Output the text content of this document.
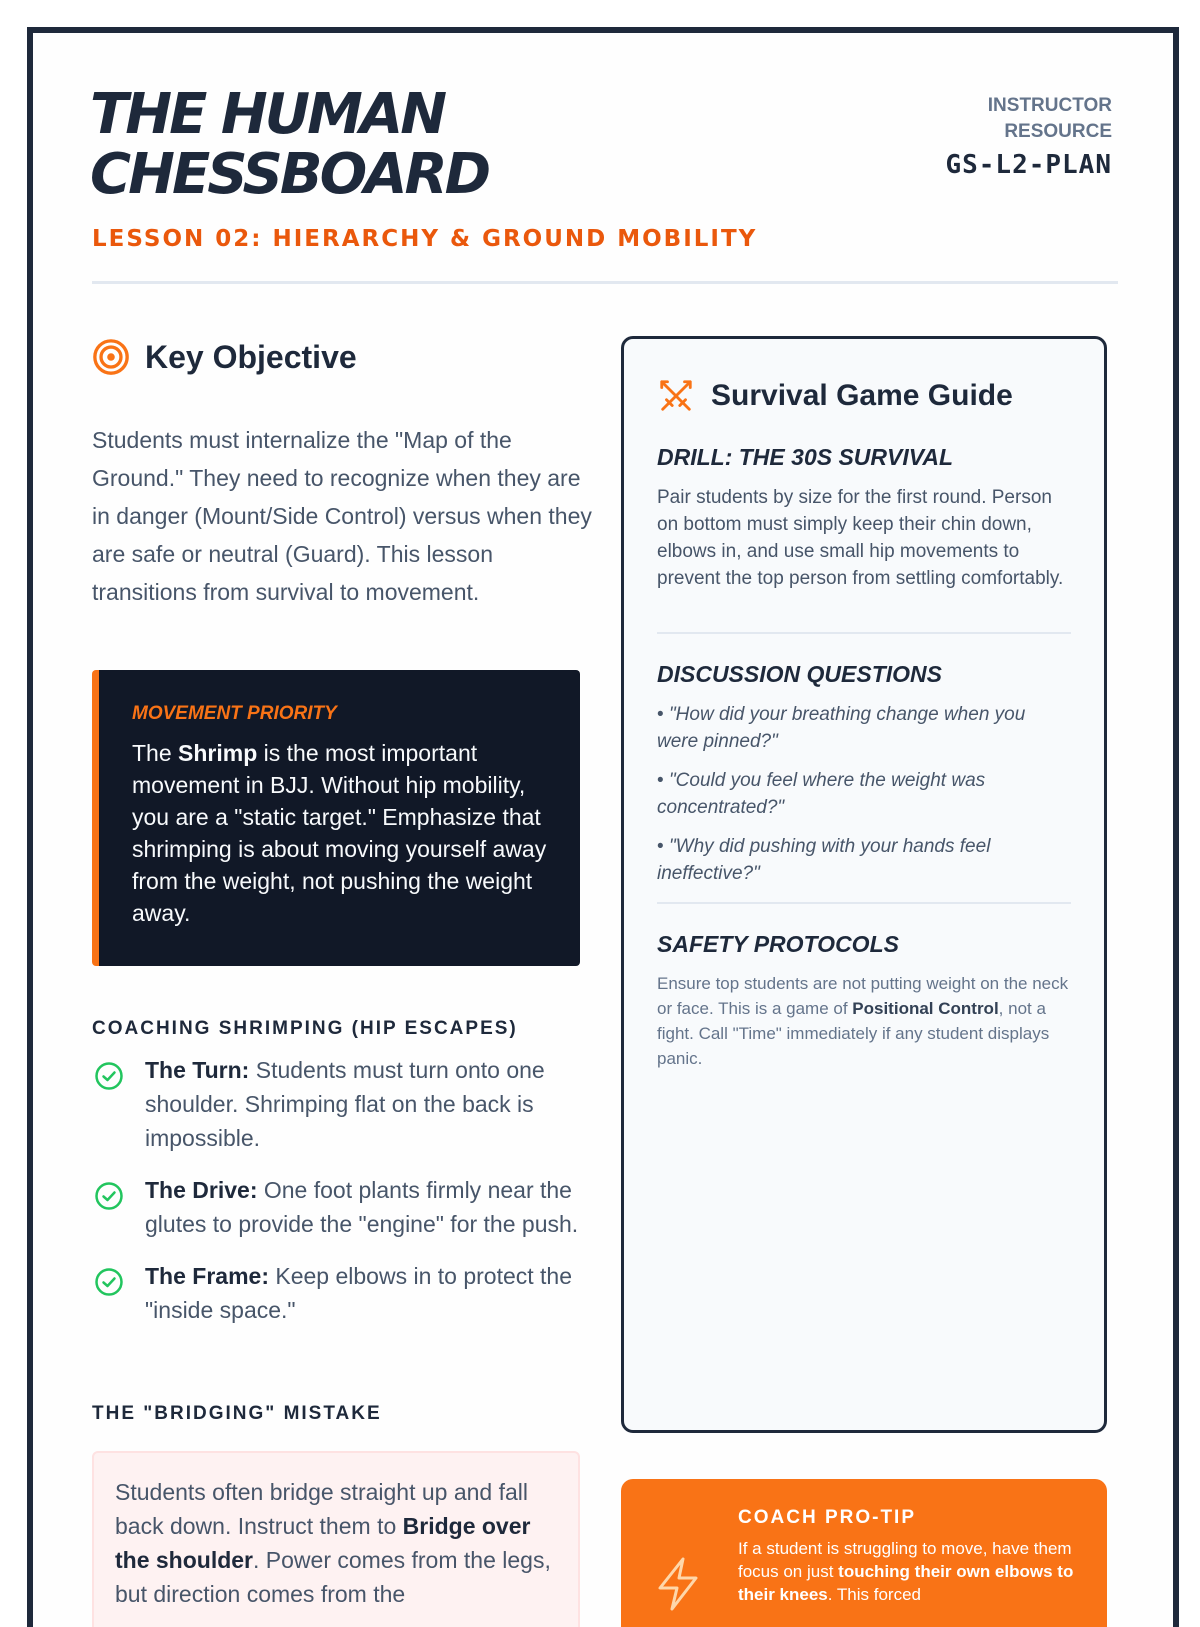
THE HUMAN CHESSBOARD
LESSON 02: HIERARCHY & GROUND MOBILITY
INSTRUCTOR RESOURCE
GS-L2-PLAN
Key Objective

Students must internalize the "Map of the Ground." They need to recognize when they are in danger (Mount/Side Control) versus when they are safe or neutral (Guard). This lesson transitions from survival to movement.

MOVEMENT PRIORITY

The Shrimp is the most important movement in BJJ. Without hip mobility, you are a "static target." Emphasize that shrimping is about moving yourself away from the weight, not pushing the weight away.

COACHING SHRIMPING (HIP ESCAPES)
The Turn: Students must turn onto one shoulder. Shrimping flat on the back is impossible.
The Drive: One foot plants firmly near the glutes to provide the "engine" for the push.
The Frame: Keep elbows in to protect the "inside space."
THE "BRIDGING" MISTAKE
Students often bridge straight up and fall back down. Instruct them to Bridge over the shoulder. Power comes from the legs, but direction comes from the
Survival Game Guide
DRILL: THE 30S SURVIVAL

Pair students by size for the first round. Person on bottom must simply keep their chin down, elbows in, and use small hip movements to prevent the top person from settling comfortably.

DISCUSSION QUESTIONS
• "How did your breathing change when you were pinned?"
• "Could you feel where the weight was concentrated?"
• "Why did pushing with your hands feel ineffective?"
SAFETY PROTOCOLS

Ensure top students are not putting weight on the neck or face. This is a game of Positional Control, not a fight. Call "Time" immediately if any student displays panic.

COACH PRO-TIP

If a student is struggling to move, have them focus on just touching their own elbows to their knees. This forced
